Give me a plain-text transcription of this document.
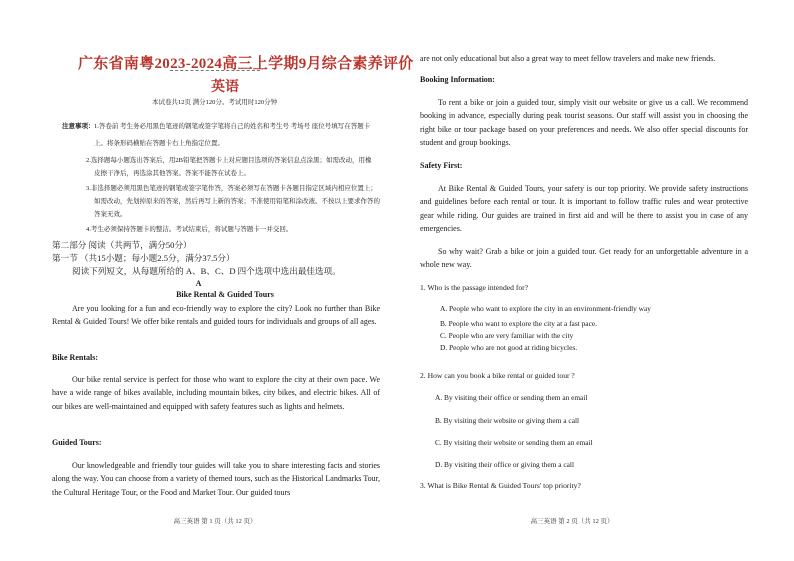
广东省南粤2023-2024高三上学期9月综合素养评价
英语
本试卷共12页 满分120分。考试用时120分钟
注意事项： 1.答卷前 考生务必用黑色笔迹的钢笔或签字笔将自己的姓名和考生号 考场号 座位号填写在答题卡
上。将条形码横贴在答题卡右上角指定位置。
2.选择题每小题选出答案后，用2B铅笔把答题卡上对应题目选项的答案信息点涂黑；如需改动，用橡
皮擦干净后，再选涂其他答案。答案不能答在试卷上。
3.非选择题必须用黑色笔迹的钢笔或签字笔作答，答案必须写在答题卡各题目指定区域内相应位置上；
如需改动，先划掉原来的答案，然后再写上新的答案；不准使用铅笔和涂改液。不按以上要求作答的
答案无效。
4.考生必须保持答题卡的整洁。考试结束后，将试题与答题卡一并交回。
第二部分 阅读（共两节，满分50分）
第一节 （共15小题；每小题2.5分，满分37.5分）
阅读下列短文，从每题所给的 A、B、C、D 四个选项中选出最佳选项。
A
Bike Rental & Guided Tours
Are you looking for a fun and eco-friendly way to explore the city? Look no further than Bike Rental & Guided Tours! We offer bike rentals and guided tours for individuals and groups of all ages.
Bike Rentals:
Our bike rental service is perfect for those who want to explore the city at their own pace. We have a wide range of bikes available, including mountain bikes, city bikes, and electric bikes. All of our bikes are well-maintained and equipped with safety features such as lights and helmets.
Guided Tours:
Our knowledgeable and friendly tour guides will take you to share interesting facts and stories along the way. You can choose from a variety of themed tours, such as the Historical Landmarks Tour, the Cultural Heritage Tour, or the Food and Market Tour. Our guided tours
高三英语 第 1 页（共 12 页）
are not only educational but also a great way to meet fellow travelers and make new friends.
Booking Information:
To rent a bike or join a guided tour, simply visit our website or give us a call. We recommend booking in advance, especially during peak tourist seasons. Our staff will assist you in choosing the right bike or tour package based on your preferences and needs. We also offer special discounts for student and group bookings.
Safety First:
At Bike Rental & Guided Tours, your safety is our top priority. We provide safety instructions and guidelines before each rental or tour. It is important to follow traffic rules and wear protective gear while riding. Our guides are trained in first aid and will be there to assist you in case of any emergencies.
So why wait? Grab a bike or join a guided tour. Get ready for an unforgettable adventure in a whole new way.
1. Who is the passage intended for?
A. People who want to explore the city in an environment-friendly way
B. People who want to explore the city at a fast pace.
C. People who are very familiar with the city
D. People who are not good at riding bicycles.
2. How can you book a bike rental or guided tour ?
A. By visiting their office or sending them an email
B. By visiting their website or giving them a call
C. By visiting their website or sending them an email
D. By visiting their office or giving them a call
3. What is Bike Rental & Guided Tours' top priority?
高三英语 第 2 页（共 12 页）
